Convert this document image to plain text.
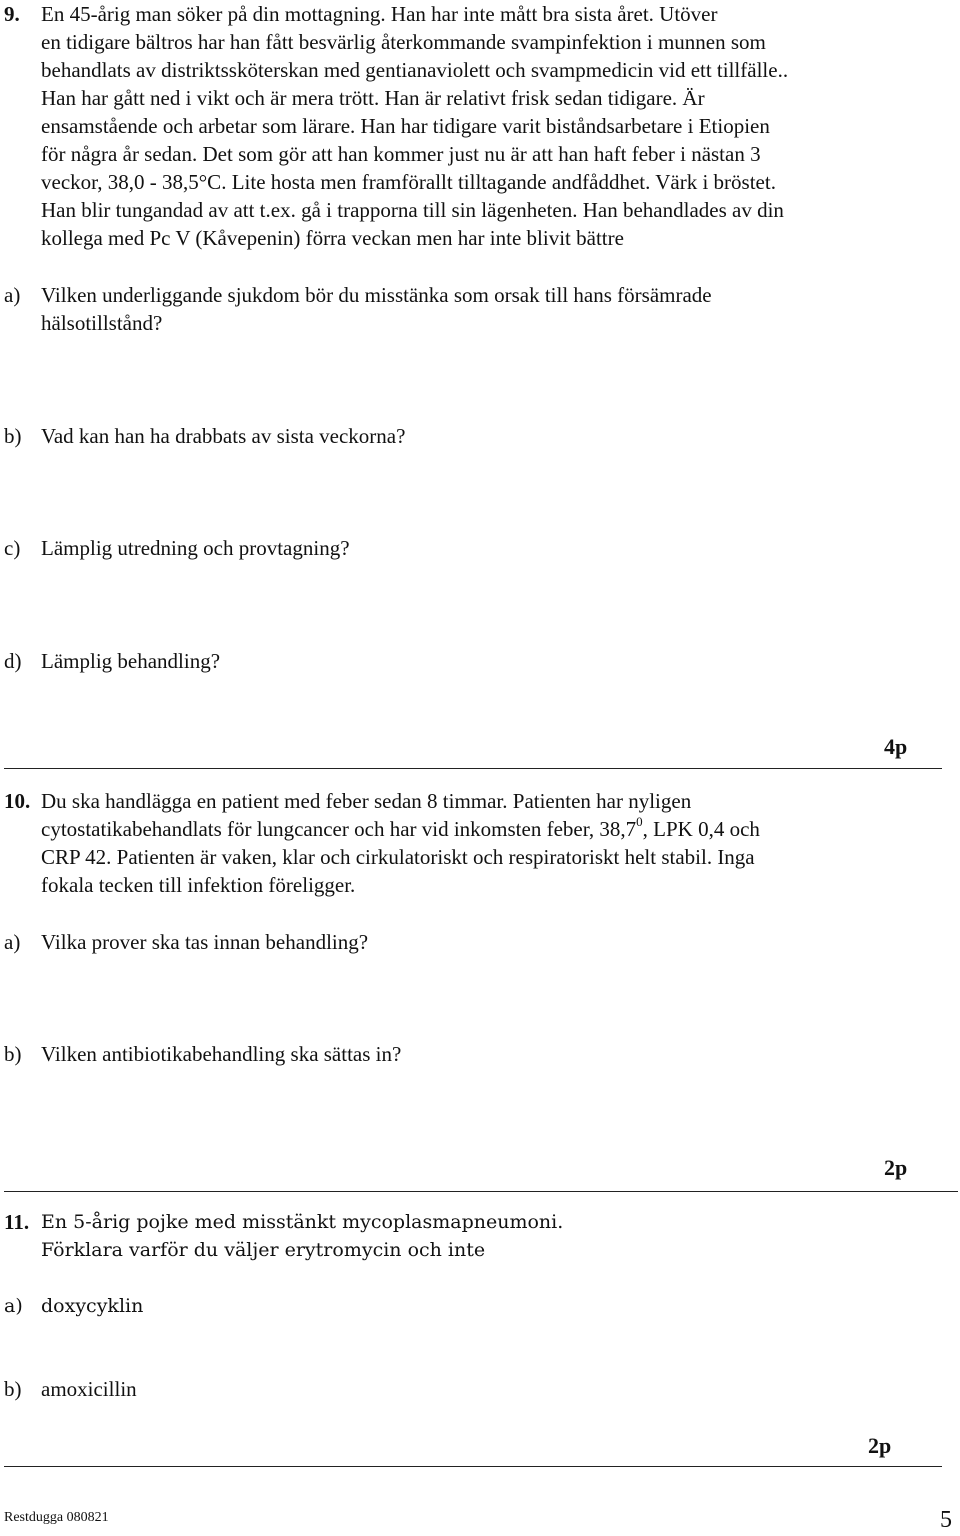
9. En 45-årig man söker på din mottagning. Han har inte mått bra sista året. Utöver
en tidigare bältros har han fått besvärlig återkommande svampinfektion i munnen som
behandlats av distriktssköterskan med gentianaviolett och svampmedicin vid ett tillfälle..
Han har gått ned i vikt och är mera trött. Han är relativt frisk sedan tidigare. Är
ensamstående och arbetar som lärare. Han har tidigare varit biståndsarbetare i Etiopien
för några år sedan. Det som gör att han kommer just nu är att han haft feber i nästan 3
veckor, 38,0 - 38,5°C. Lite hosta men framförallt tilltagande andfåddhet. Värk i bröstet.
Han blir tungandad av att t.ex. gå i trapporna till sin lägenheten. Han behandlades av din
kollega med Pc V (Kåvepenin) förra veckan men har inte blivit bättre
a) Vilken underliggande sjukdom bör du misstänka som orsak till hans försämrade
hälsotillstånd?
b) Vad kan han ha drabbats av sista veckorna?
c) Lämplig utredning och provtagning?
d) Lämplig behandling?
4p
10. Du ska handlägga en patient med feber sedan 8 timmar. Patienten har nyligen
cytostatikabehandlats för lungcancer och har vid inkomsten feber, 38,7$^0$, LPK 0,4 och
CRP 42. Patienten är vaken, klar och cirkulatoriskt och respiratoriskt helt stabil. Inga
fokala tecken till infektion föreligger.
a) Vilka prover ska tas innan behandling?
b) Vilken antibiotikabehandling ska sättas in?
2p
11. En 5-årig pojke med misstänkt mycoplasmapneumoni.
Förklara varför du väljer erytromycin och inte
a) doxycyklin
b) amoxicillin
2p
Restdugga 080821	5
